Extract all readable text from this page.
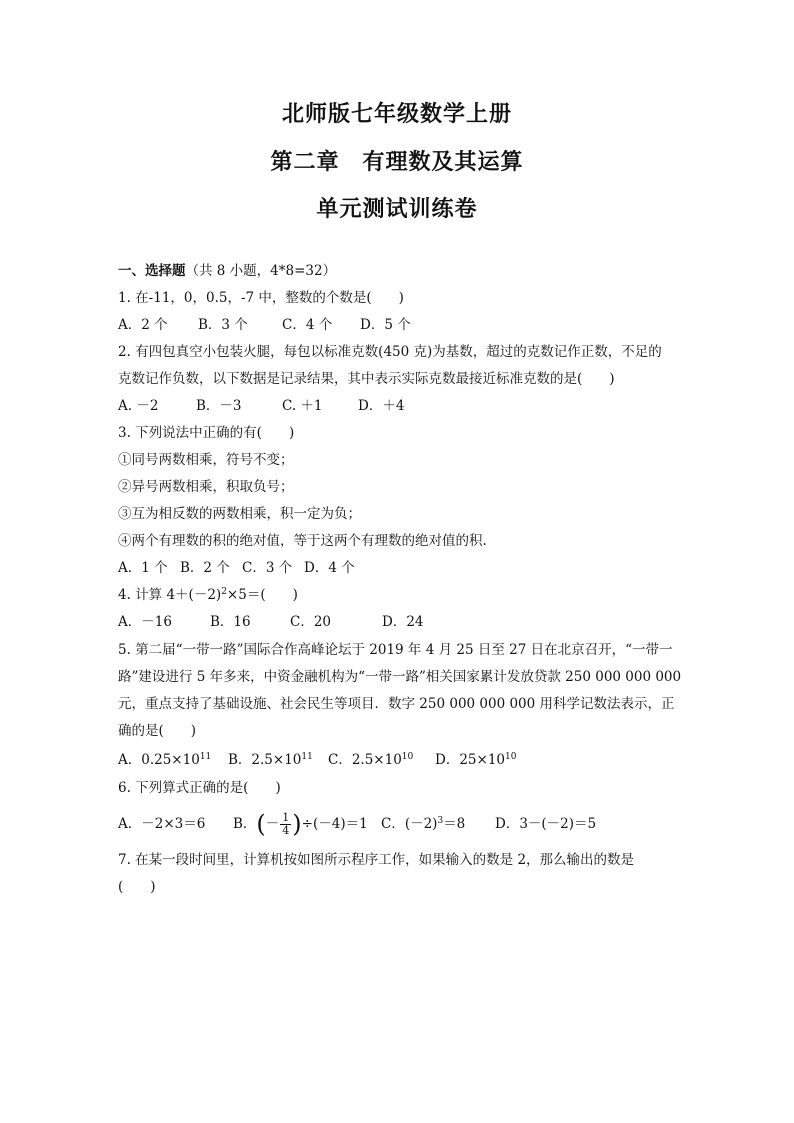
北师版七年级数学上册
第二章　有理数及其运算
单元测试训练卷
一、选择题（共 8 小题，4*8=32）
1. 在-11，0，0.5，-7 中，整数的个数是(　　)
A．2 个	B．3 个	C．4 个	D．5 个
2. 有四包真空小包装火腿，每包以标准克数(450 克)为基数，超过的克数记作正数，不足的
克数记作负数，以下数据是记录结果，其中表示实际克数最接近标准克数的是(　　)
A. －2	B．－3	C. ＋1	D．＋4
3. 下列说法中正确的有(　　)
①同号两数相乘，符号不变；
②异号两数相乘，积取负号；
③互为相反数的两数相乘，积一定为负；
④两个有理数的积的绝对值，等于这两个有理数的绝对值的积.
A．1 个 B．2 个 C．3 个 D．4 个
4. 计算 $4+(-2)^2\times 5=$(　　)
A．－16	B．16	C．20	D．24
5. 第二届“一带一路”国际合作高峰论坛于 2019 年 4 月 25 日至 27 日在北京召开，“一带一
路”建设进行 5 年多来，中资金融机构为“一带一路”相关国家累计发放贷款 250 000 000 000
元，重点支持了基础设施、社会民生等项目．数字 250 000 000 000 用科学记数法表示，正
确的是(　　)
A．$0.25\times 10^{11}$	B．$2.5\times 10^{11}$	C．$2.5\times 10^{10}$	D．$25\times 10^{10}$
6. 下列算式正确的是(　　)
A．－2×3＝6	B． ( － $\frac{1}{4}$ ) ÷(－4)＝1 C．$(-2)^3=8$	D．3－(－2)＝5
7. 在某一段时间里，计算机按如图所示程序工作，如果输入的数是 2，那么输出的数是
(　　)
